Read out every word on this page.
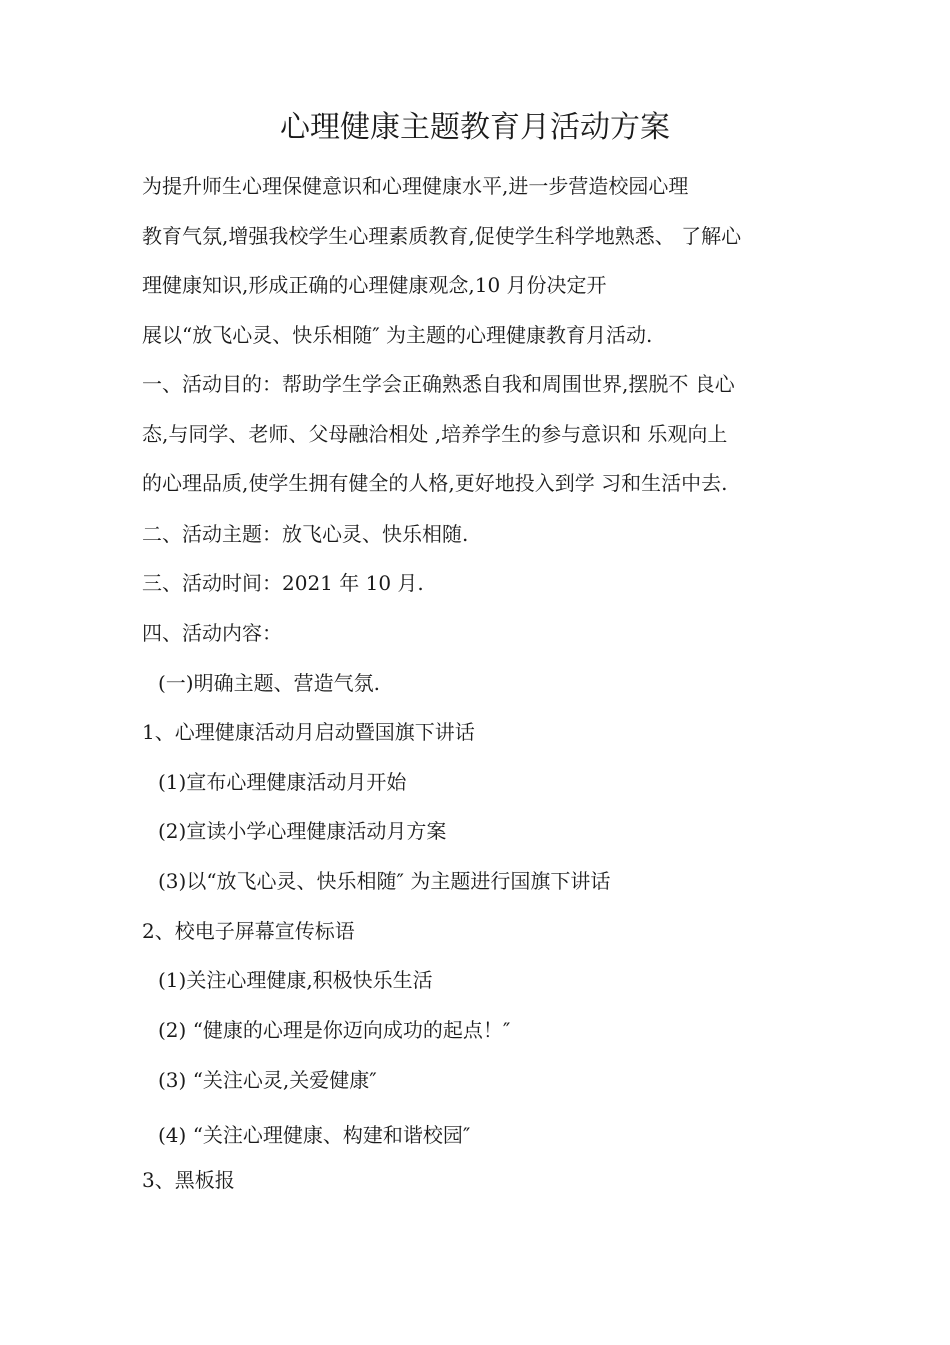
心理健康主题教育月活动方案
为提升师生心理保健意识和心理健康水平,进一步营造校园心理
教育气氛,增强我校学生心理素质教育,促使学生科学地熟悉、 了解心
理健康知识,形成正确的心理健康观念,10 月份决定开
展以“放飞心灵、快乐相随″ 为主题的心理健康教育月活动.
一、活动目的：帮助学生学会正确熟悉自我和周围世界,摆脱不 良心
态,与同学、老师、父母融洽相处 ,培养学生的参与意识和 乐观向上
的心理品质,使学生拥有健全的人格,更好地投入到学 习和生活中去.
二、活动主题：放飞心灵、快乐相随.
三、活动时间：2021 年 10 月.
四、活动内容：
(一)明确主题、营造气氛.
1、心理健康活动月启动暨国旗下讲话
(1)宣布心理健康活动月开始
(2)宣读小学心理健康活动月方案
(3)以“放飞心灵、快乐相随″ 为主题进行国旗下讲话
2、校电子屏幕宣传标语
(1)关注心理健康,积极快乐生活
(2) “健康的心理是你迈向成功的起点！″
(3) “关注心灵,关爱健康″
(4) “关注心理健康、构建和谐校园″
3、黑板报
